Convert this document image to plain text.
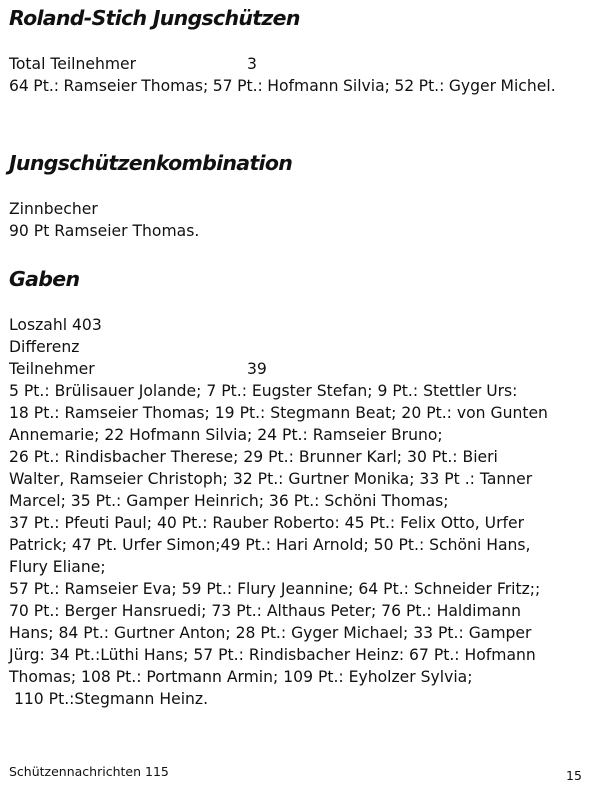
Roland-Stich Jungschützen
Total Teilnehmer	3
64 Pt.: Ramseier Thomas; 57 Pt.: Hofmann Silvia; 52 Pt.: Gyger Michel.
Jungschützenkombination
Zinnbecher
90 Pt Ramseier Thomas.
Gaben
Loszahl 403
Differenz
Teilnehmer	39
5 Pt.: Brülisauer Jolande; 7 Pt.: Eugster Stefan; 9 Pt.: Stettler Urs:
18 Pt.: Ramseier Thomas; 19 Pt.: Stegmann Beat; 20 Pt.: von Gunten
Annemarie; 22 Hofmann Silvia; 24 Pt.: Ramseier Bruno;
26 Pt.: Rindisbacher Therese; 29 Pt.: Brunner Karl; 30 Pt.: Bieri
Walter, Ramseier Christoph; 32 Pt.: Gurtner Monika; 33 Pt .: Tanner
Marcel; 35 Pt.: Gamper Heinrich; 36 Pt.: Schöni Thomas;
37 Pt.: Pfeuti Paul; 40 Pt.: Rauber Roberto: 45 Pt.: Felix Otto, Urfer
Patrick; 47 Pt. Urfer Simon;49 Pt.: Hari Arnold; 50 Pt.: Schöni Hans,
Flury Eliane;
57 Pt.: Ramseier Eva; 59 Pt.: Flury Jeannine; 64 Pt.: Schneider Fritz;;
70 Pt.: Berger Hansruedi; 73 Pt.: Althaus Peter; 76 Pt.: Haldimann
Hans; 84 Pt.: Gurtner Anton; 28 Pt.: Gyger Michael; 33 Pt.: Gamper
Jürg: 34 Pt.:Lüthi Hans; 57 Pt.: Rindisbacher Heinz: 67 Pt.: Hofmann
Thomas; 108 Pt.: Portmann Armin; 109 Pt.: Eyholzer Sylvia;
110 Pt.:Stegmann Heinz.
Schützennachrichten 115	15
